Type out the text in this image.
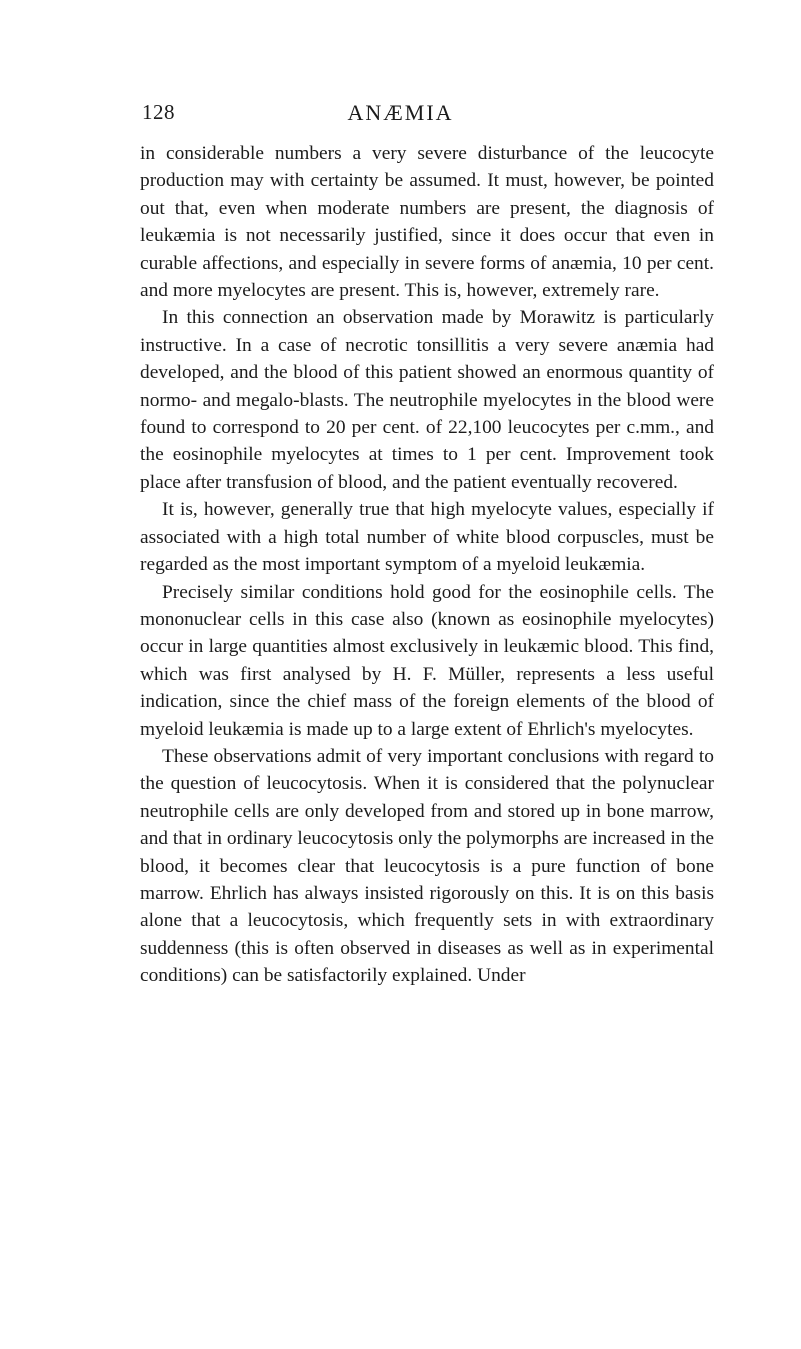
128	ANÆMIA

in considerable numbers a very severe disturbance of the leucocyte production may with certainty be assumed. It must, however, be pointed out that, even when moderate numbers are present, the diagnosis of leukæmia is not necessarily justified, since it does occur that even in curable affections, and especially in severe forms of anæmia, 10 per cent. and more myelocytes are present. This is, however, extremely rare.

In this connection an observation made by Morawitz is particularly instructive. In a case of necrotic tonsillitis a very severe anæmia had developed, and the blood of this patient showed an enormous quantity of normo- and megalo-blasts. The neutrophile myelocytes in the blood were found to correspond to 20 per cent. of 22,100 leucocytes per c.mm., and the eosinophile myelocytes at times to 1 per cent. Improvement took place after transfusion of blood, and the patient eventually recovered.

It is, however, generally true that high myelocyte values, especially if associated with a high total number of white blood corpuscles, must be regarded as the most important symptom of a myeloid leukæmia.

Precisely similar conditions hold good for the eosinophile cells. The mononuclear cells in this case also (known as eosinophile myelocytes) occur in large quantities almost exclusively in leukæmic blood. This find, which was first analysed by H. F. Müller, represents a less useful indication, since the chief mass of the foreign elements of the blood of myeloid leukæmia is made up to a large extent of Ehrlich's myelocytes.

These observations admit of very important conclusions with regard to the question of leucocytosis. When it is considered that the polynuclear neutrophile cells are only developed from and stored up in bone marrow, and that in ordinary leucocytosis only the polymorphs are increased in the blood, it becomes clear that leucocytosis is a pure function of bone marrow. Ehrlich has always insisted rigorously on this. It is on this basis alone that a leucocytosis, which frequently sets in with extraordinary suddenness (this is often observed in diseases as well as in experimental conditions) can be satisfactorily explained. Under
